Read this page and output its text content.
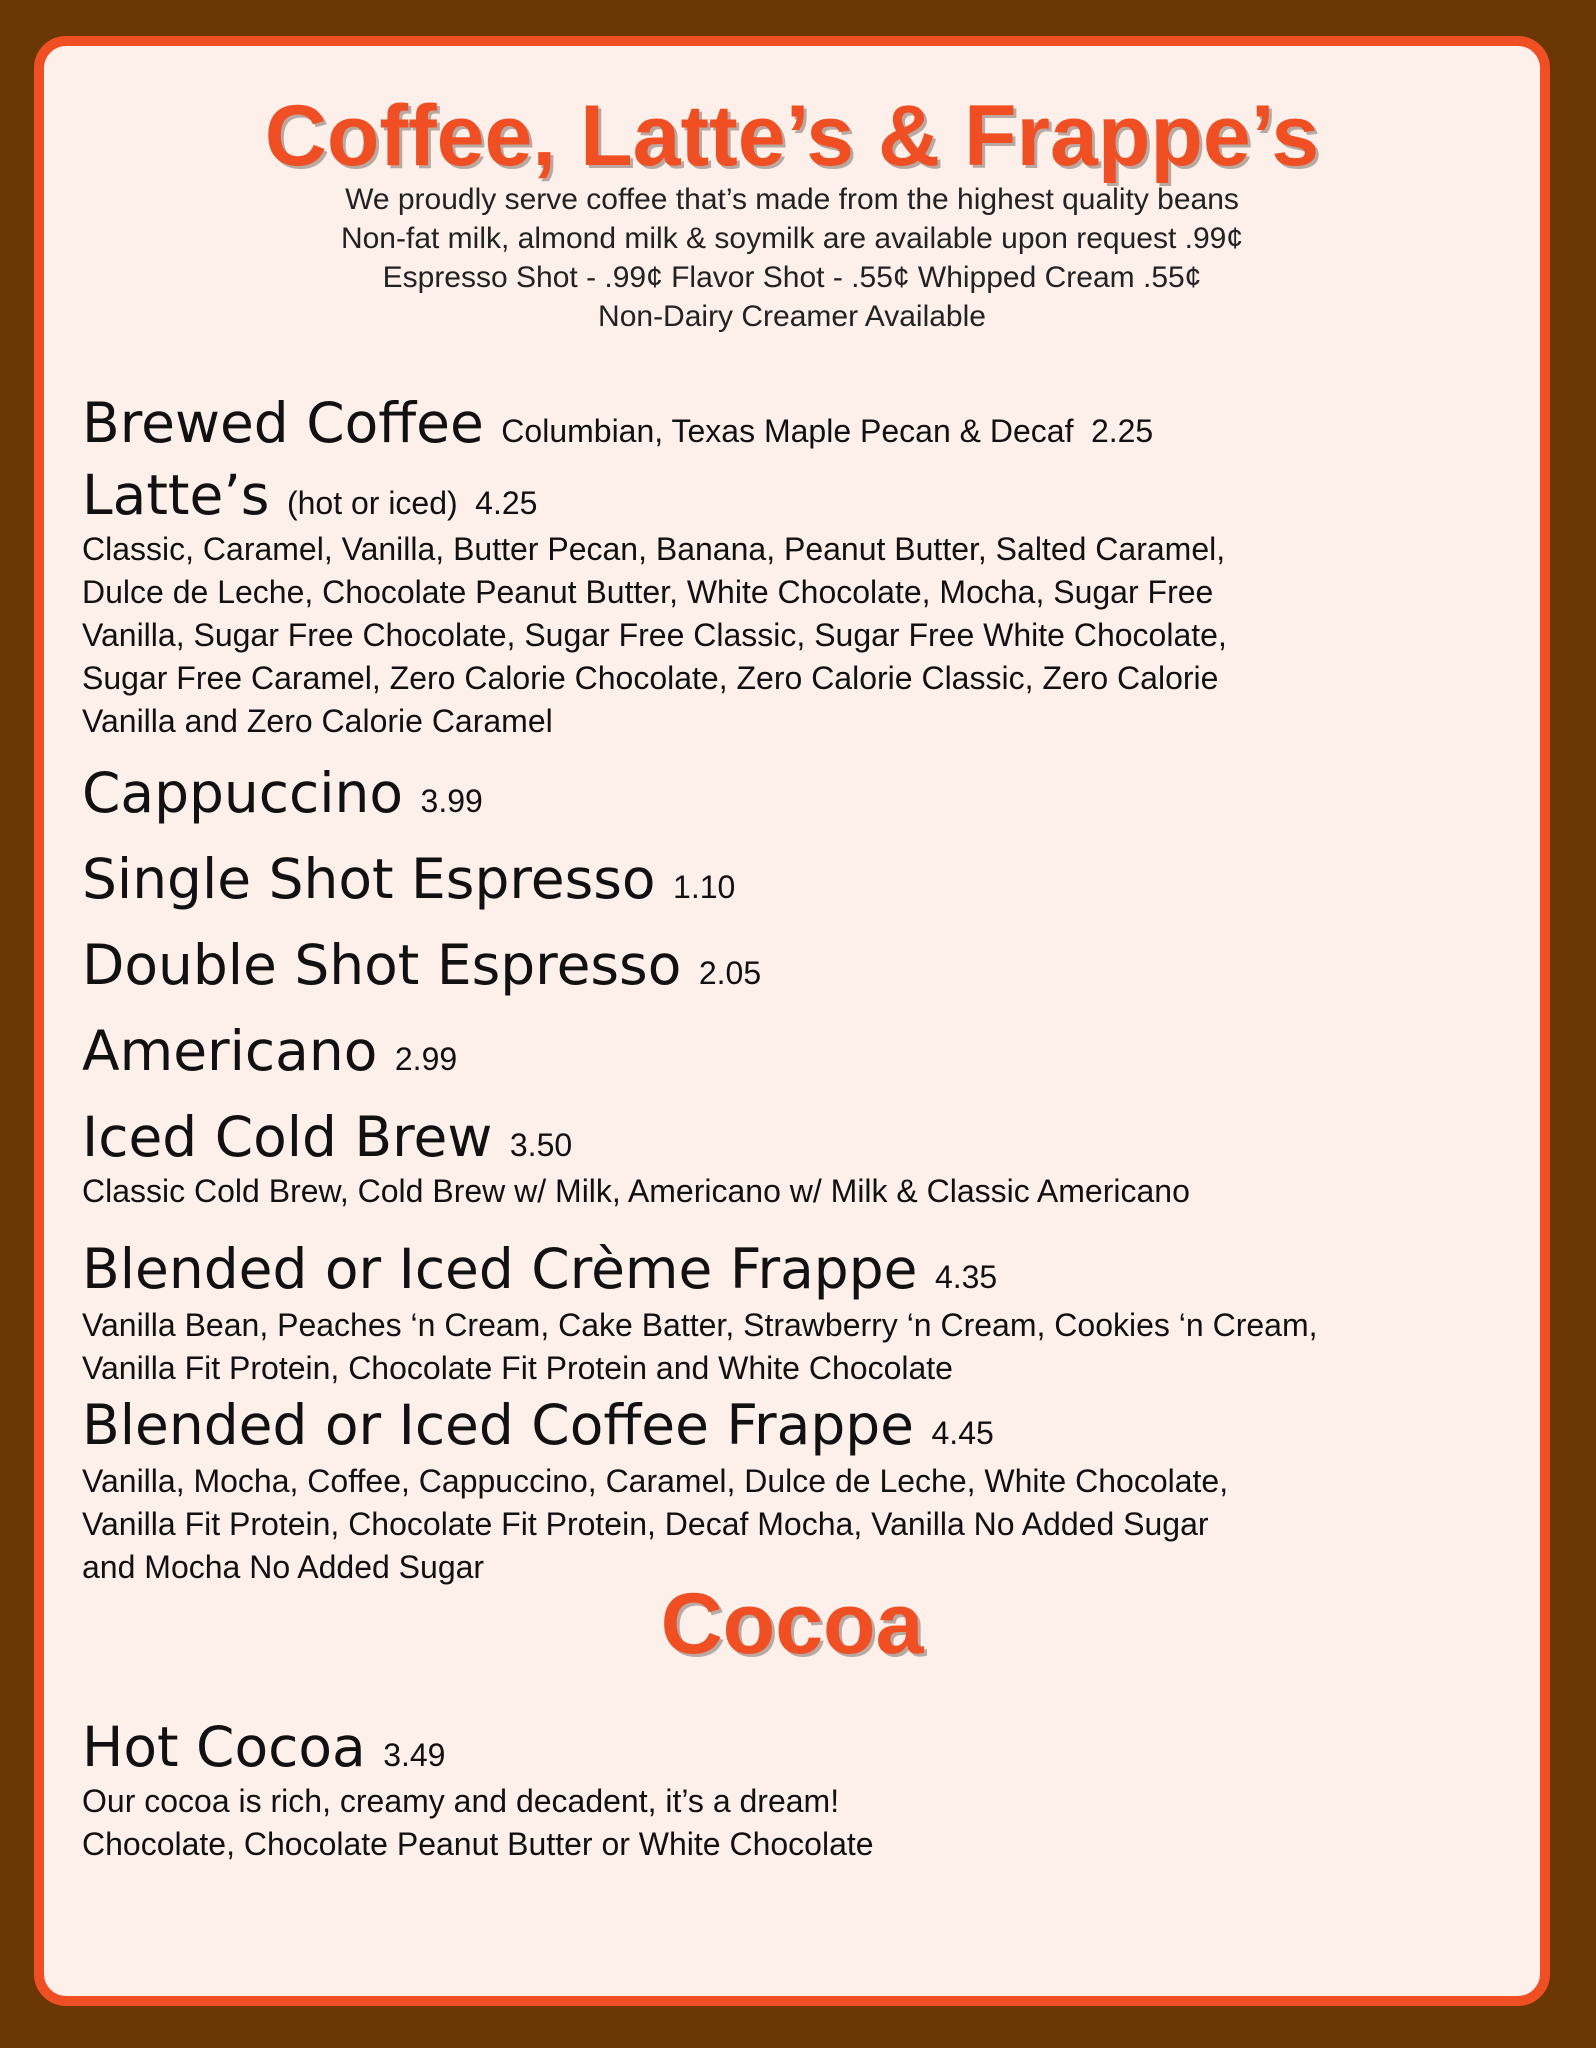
Coffee, Latte’s & Frappe’s
We proudly serve coffee that’s made from the highest quality beans
Non-fat milk, almond milk & soymilk are available upon request .99¢
Espresso Shot - .99¢ Flavor Shot - .55¢ Whipped Cream .55¢
Non-Dairy Creamer Available
Brewed Coffee Columbian, Texas Maple Pecan & Decaf 2.25
Latte’s (hot or iced) 4.25
Classic, Caramel, Vanilla, Butter Pecan, Banana, Peanut Butter, Salted Caramel,
Dulce de Leche, Chocolate Peanut Butter, White Chocolate, Mocha, Sugar Free
Vanilla, Sugar Free Chocolate, Sugar Free Classic, Sugar Free White Chocolate,
Sugar Free Caramel, Zero Calorie Chocolate, Zero Calorie Classic, Zero Calorie
Vanilla and Zero Calorie Caramel
Cappuccino 3.99
Single Shot Espresso 1.10
Double Shot Espresso 2.05
Americano 2.99
Iced Cold Brew 3.50
Classic Cold Brew, Cold Brew w/ Milk, Americano w/ Milk & Classic Americano
Blended or Iced Crème Frappe 4.35
Vanilla Bean, Peaches ‘n Cream, Cake Batter, Strawberry ‘n Cream, Cookies ‘n Cream,
Vanilla Fit Protein, Chocolate Fit Protein and White Chocolate
Blended or Iced Coffee Frappe 4.45
Vanilla, Mocha, Coffee, Cappuccino, Caramel, Dulce de Leche, White Chocolate,
Vanilla Fit Protein, Chocolate Fit Protein, Decaf Mocha, Vanilla No Added Sugar
and Mocha No Added Sugar
Cocoa
Hot Cocoa 3.49
Our cocoa is rich, creamy and decadent, it’s a dream!
Chocolate, Chocolate Peanut Butter or White Chocolate
